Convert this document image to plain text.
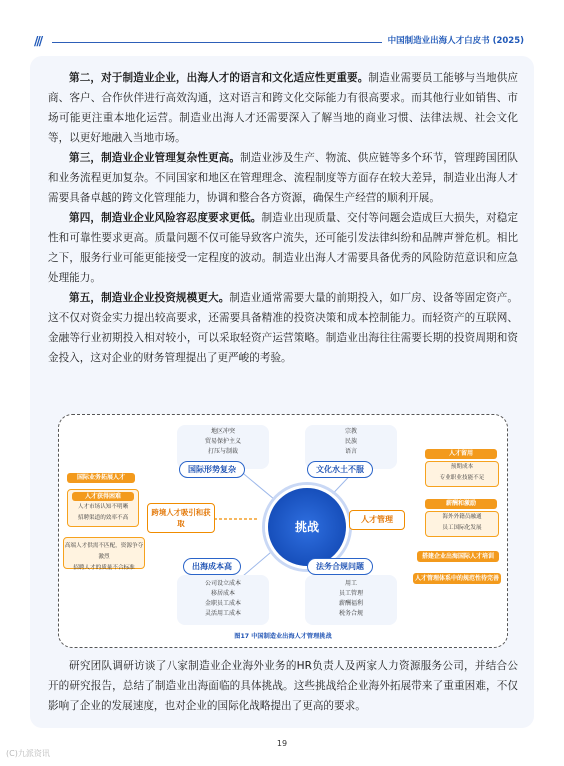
///	中国制造业出海人才白皮书 (2025)

第二，对于制造业企业，出海人才的语言和文化适应性更重要。制造业需要员工能够与当地供应商、客户、合作伙伴进行高效沟通，这对语言和跨文化交际能力有很高要求。而其他行业如销售、市场可能更注重本地化运营。制造业出海人才还需要深入了解当地的商业习惯、法律法规、社会文化等，以更好地融入当地市场。

第三，制造业企业管理复杂性更高。制造业涉及生产、物流、供应链等多个环节，管理跨国团队和业务流程更加复杂。不同国家和地区在管理理念、流程制度等方面存在较大差异，制造业出海人才需要具备卓越的跨文化管理能力，协调和整合各方资源，确保生产经营的顺利开展。

第四，制造业企业风险容忍度要求更低。制造业出现质量、交付等问题会造成巨大损失，对稳定性和可靠性要求更高。质量问题不仅可能导致客户流失，还可能引发法律纠纷和品牌声誉危机。相比之下，服务行业可能更能接受一定程度的波动。制造业出海人才需要具备优秀的风险防范意识和应急处理能力。

第五，制造业企业投资规模更大。制造业通常需要大量的前期投入，如厂房、设备等固定资产。这不仅对资金实力提出较高要求，还需要具备精准的投资决策和成本控制能力。而轻资产的互联网、金融等行业初期投入相对较小，可以采取轻资产运营策略。制造业出海往往需要长期的投资周期和资金投入，这对企业的财务管理提出了更严峻的考验。

地区冲突
贸易保护主义
打压与制裁
国际形势复杂
宗教
民族
语言
文化水土不服
挑战
跨境人才吸引和获取	人才管理
出海成本高
公司设立成本
移居成本
金职员工成本
灵活用工成本
法务合规问题
用工
员工管理
薪酬福利
税务合规
国际业务拓展人才
人才获得困难
人才市场认知不明晰
招聘渠道的效率不高
高端人才供需不匹配，资源争夺激烈
招聘人才的质量不合标准
人才留用
预期成本
专业职业技能不足
薪酬和激励
海外外籍员融通
员工国际化发展
搭建企业出海国际人才培训
人才管理体系中的规范性待完善
图17 中国制造业出海人才管理挑战

研究团队调研访谈了八家制造业企业海外业务的HR负责人及两家人力资源服务公司，并结合公开的研究报告，总结了制造业出海面临的具体挑战。这些挑战给企业海外拓展带来了重重困难，不仅影响了企业的发展速度，也对企业的国际化战略提出了更高的要求。

19
(C)九派资讯
